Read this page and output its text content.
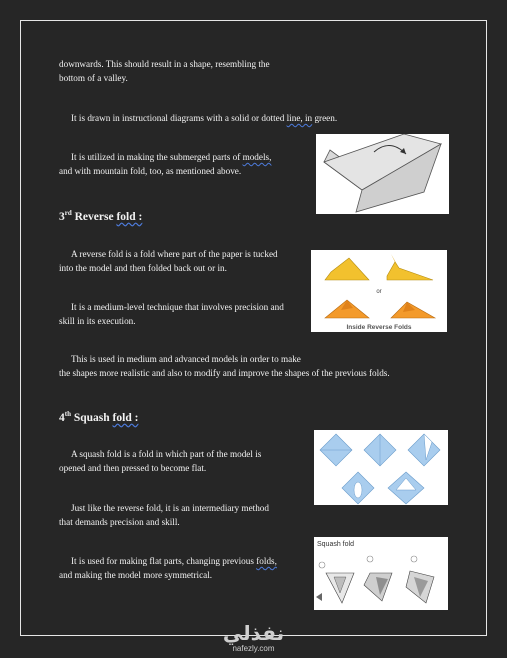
downwards. This should result in a shape, resembling the
bottom of a valley.

It is drawn in instructional diagrams with a solid or dotted line, in green.

It is utilized in making the submerged parts of models,
and with mountain fold, too, as mentioned above.

3rd Reverse fold :

A reverse fold is a fold where part of the paper is tucked
into the model and then folded back out or in.

It is a medium-level technique that involves precision and
skill in its execution.

or
Inside Reverse Folds

This is used in medium and advanced models in order to make
the shapes more realistic and also to modify and improve the shapes of the previous folds.

4th Squash fold :

A squash fold is a fold in which part of the model is
opened and then pressed to become flat.

Just like the reverse fold, it is an intermediary method
that demands precision and skill.

It is used for making flat parts, changing previous folds,
and making the model more symmetrical.

Squash fold
نفذلي
nafezly.com
